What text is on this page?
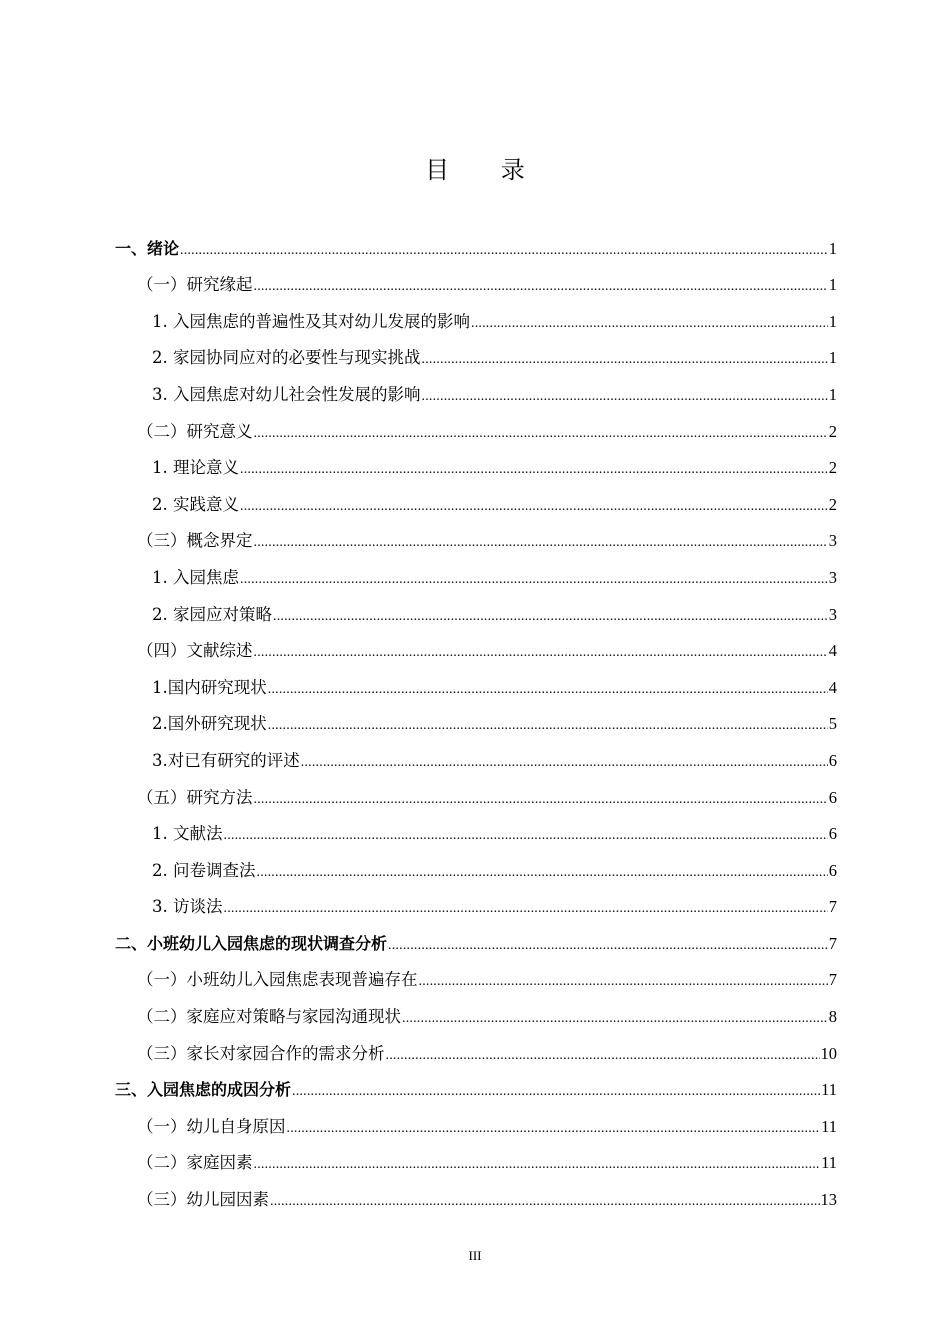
目 录
一、绪论 .....	1
（一）研究缘起 .....	1
1. 入园焦虑的普遍性及其对幼儿发展的影响 .....	1
2. 家园协同应对的必要性与现实挑战 .....	1
3. 入园焦虑对幼儿社会性发展的影响 .....	1
（二）研究意义 .....	2
1. 理论意义 .....	2
2. 实践意义 .....	2
（三）概念界定 .....	3
1. 入园焦虑 .....	3
2. 家园应对策略 .....	3
（四）文献综述 .....	4
1.国内研究现状 .....	4
2.国外研究现状 .....	5
3.对已有研究的评述 .....	6
（五）研究方法 .....	6
1. 文献法 .....	6
2. 问卷调查法 .....	6
3. 访谈法 .....	7
二、小班幼儿入园焦虑的现状调查分析 .....	7
（一）小班幼儿入园焦虑表现普遍存在 .....	7
（二）家庭应对策略与家园沟通现状 .....	8
（三）家长对家园合作的需求分析 .....	10
三、入园焦虑的成因分析 .....	11
（一）幼儿自身原因 .....	11
（二）家庭因素 .....	11
（三）幼儿园因素 .....	13
III
